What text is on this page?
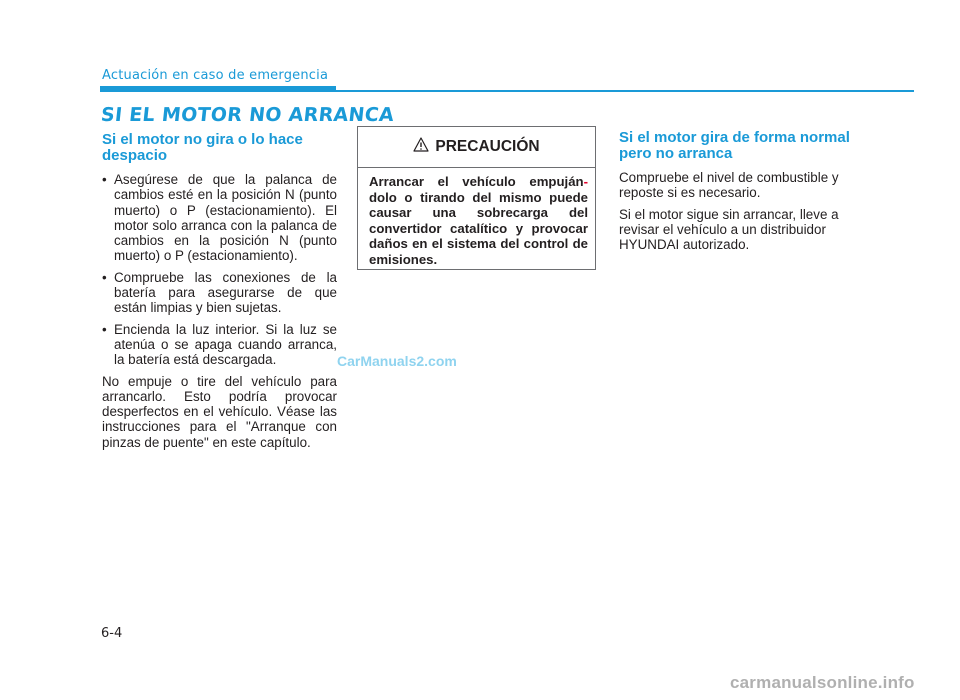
Actuación en caso de emergencia
SI EL MOTOR NO ARRANCA
Si el motor no gira o lo hace despacio
• Asegúrese de que la palanca de cambios esté en la posición N (punto muerto) o P (estacionamiento). El motor solo arranca con la palanca de cambios en la posición N (punto muerto) o P (estacionamiento).
• Compruebe las conexiones de la batería para asegurarse de que están limpias y bien sujetas.
• Encienda la luz interior. Si la luz se atenúa o se apaga cuando arranca, la batería está descargada.

No empuje o tire del vehículo para arrancarlo. Esto podría provocar desperfectos en el vehículo. Véase las instrucciones para el "Arranque con pinzas de puente" en este capítulo.

PRECAUCIÓN
Arrancar el vehículo empuján- dolo o tirando del mismo puede causar una sobrecarga del convertidor catalítico y provocar daños en el sistema del control de emisiones.
Si el motor gira de forma normal pero no arranca

Compruebe el nivel de combustible y reposte si es necesario.

Si el motor sigue sin arrancar, lleve a revisar el vehículo a un distribuidor HYUNDAI autorizado.

CarManuals2.com
6-4
carmanualsonline.info
